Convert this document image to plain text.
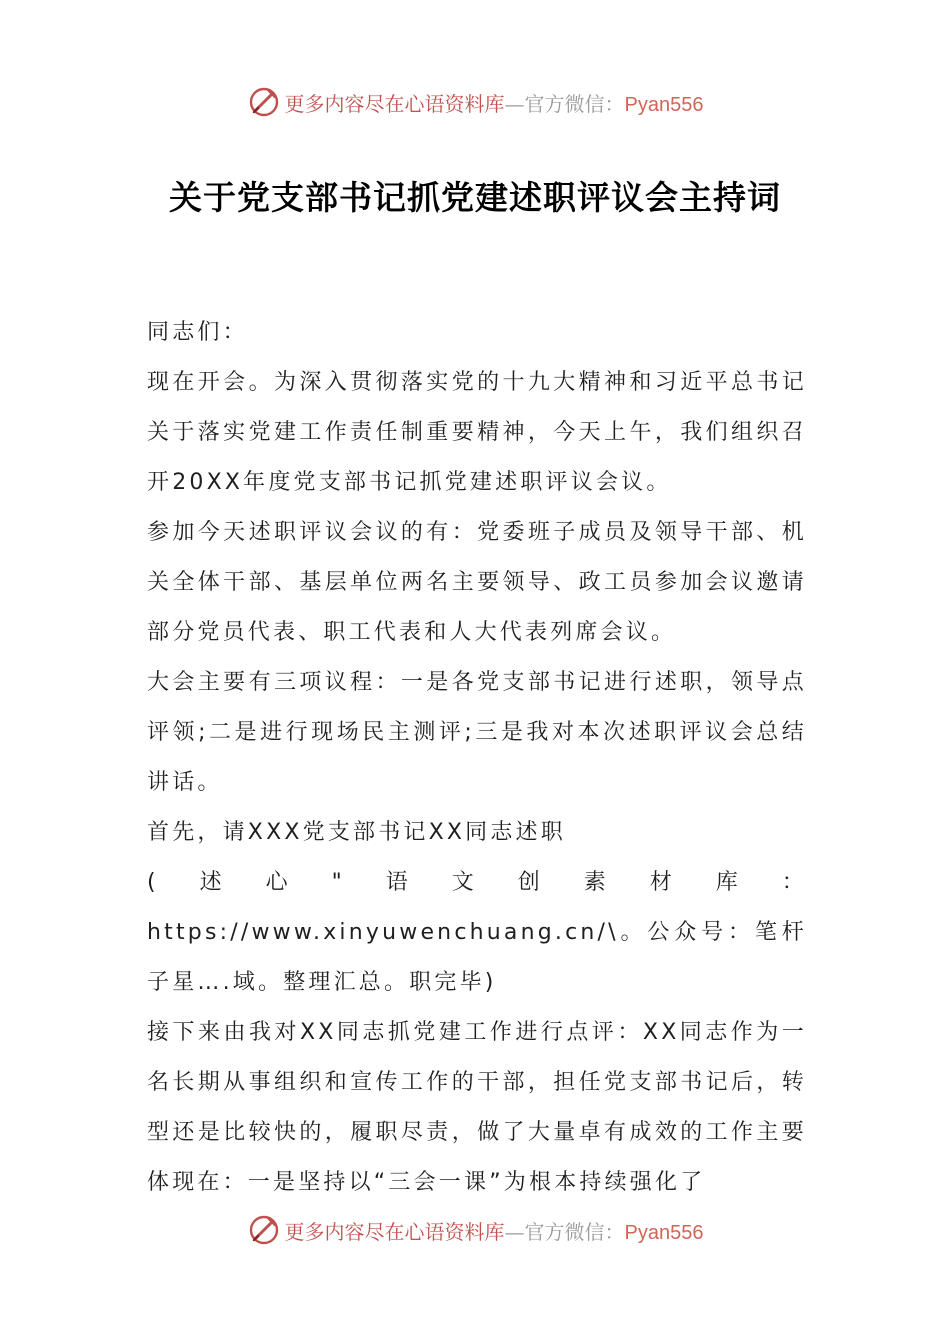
更多内容尽在心语资料库—官方微信：Pyan556
关于党支部书记抓党建述职评议会主持词

同志们：

现在开会。为深入贯彻落实党的十九大精神和习近平总书记关于落实党建工作责任制重要精神，今天上午，我们组织召开20XX年度党支部书记抓党建述职评议会议。

参加今天述职评议会议的有：党委班子成员及领导干部、机关全体干部、基层单位两名主要领导、政工员参加会议邀请部分党员代表、职工代表和人大代表列席会议。

大会主要有三项议程：一是各党支部书记进行述职，领导点评领;二是进行现场民主测评;三是我对本次述职评议会总结讲话。

首先，请XXX党支部书记XX同志述职

(述心"语文创素材库：https://www.xinyuwenchuang.cn/\。公众号：笔杆子星….域。整理汇总。职完毕)

接下来由我对XX同志抓党建工作进行点评：XX同志作为一名长期从事组织和宣传工作的干部，担任党支部书记后，转型还是比较快的，履职尽责，做了大量卓有成效的工作主要体现在：一是坚持以“三会一课”为根本持续强化了

更多内容尽在心语资料库—官方微信：Pyan556
